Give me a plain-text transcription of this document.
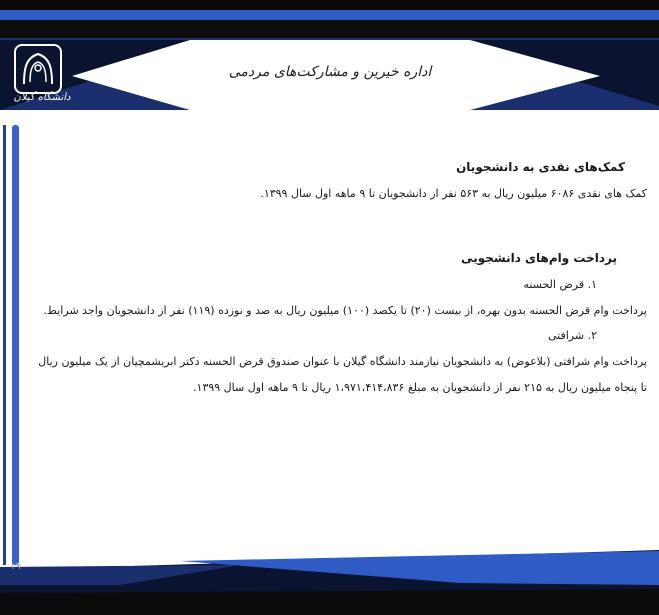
دانشگاه گیلان
اداره خیرین و مشارکت‌های مردمی
کمک‌های نقدی به دانشجویان
کمک های نقدی ۶۰۸۶ میلیون ریال به ۵۶۳ نفر از دانشجویان تا ۹ ماهه اول سال ۱۳۹۹.
پرداخت وام‌های دانشجویی
۱. قرض الحسنه
پرداخت وام قرض الحسنه بدون بهره، از بیست (۲۰) تا یکصد (۱۰۰) میلیون ریال به صد و نوزده (۱۱۹) نفر از دانشجویان واجد شرایط.
۲. شرافتی
پرداخت وام شرافتی (بلاعوض) به دانشجویان نیازمند دانشگاه گیلان با عنوان صندوق قرض الحسنه دکتر ابریشمچیان از یک میلیون ریال
تا پنجاه میلیون ریال به ۲۱۵ نفر از دانشجویان به مبلغ ۱،۹۷۱،۴۱۴،۸۳۶ ریال تا ۹ ماهه اول سال ۱۳۹۹.
۱۹
